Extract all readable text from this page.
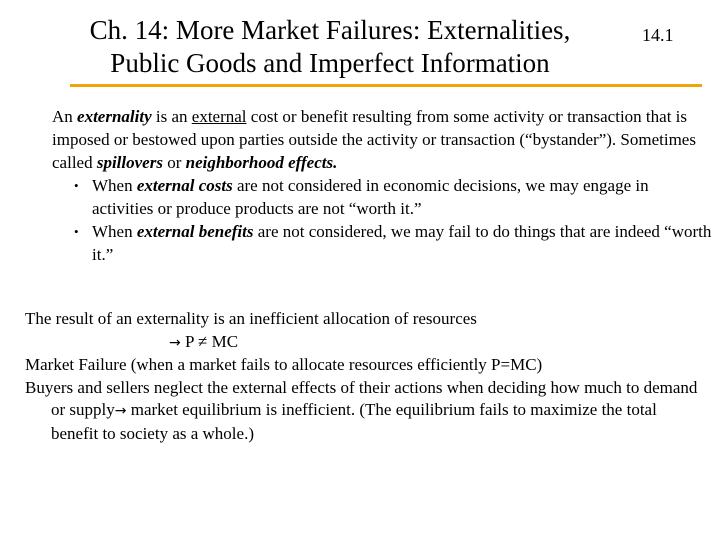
Ch. 14: More Market Failures: Externalities,
Public Goods and Imperfect Information
14.1

An externality is an external cost or benefit resulting from some activity or transaction that is imposed or bestowed upon parties outside the activity or transaction (“bystander”). Sometimes called spillovers or neighborhood effects.

• When external costs are not considered in economic decisions, we may engage in activities or produce products are not “worth it.”
• When external benefits are not considered, we may fail to do things that are indeed “worth it.”

The result of an externality is an inefficient allocation of resources

→ P ≠ MC

Market Failure (when a market fails to allocate resources efficiently P=MC)

Buyers and sellers neglect the external effects of their actions when deciding how much to demand or supply→ market equilibrium is inefficient. (The equilibrium fails to maximize the total benefit to society as a whole.)
